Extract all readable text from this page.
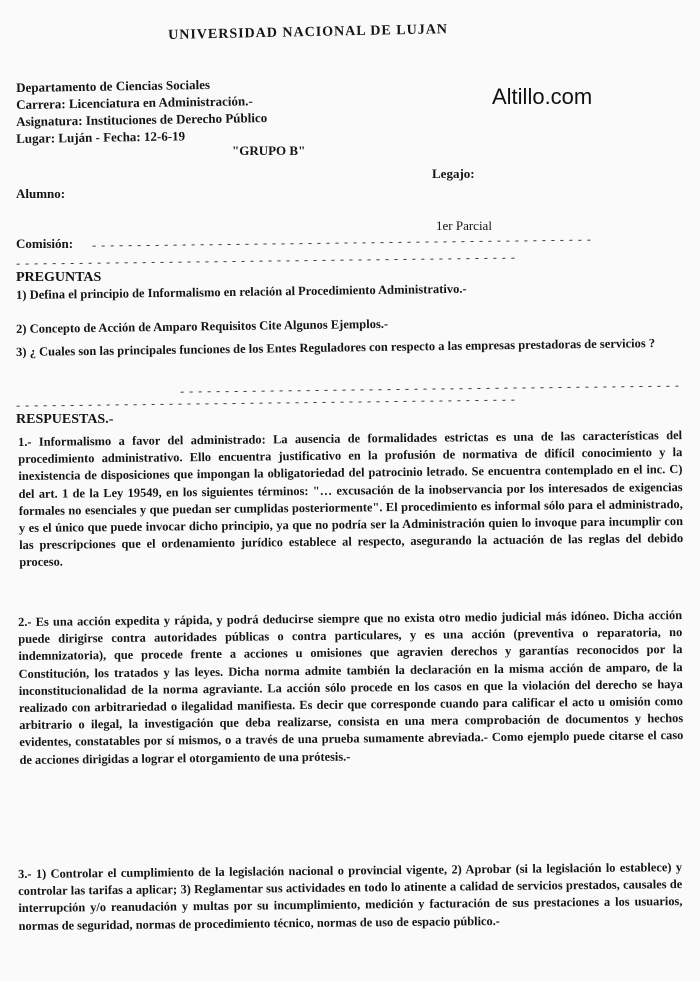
UNIVERSIDAD NACIONAL DE LUJAN
Altillo.com
Departamento de Ciencias Sociales
Carrera: Licenciatura en Administración.-
Asignatura: Instituciones de Derecho Público
Lugar: Luján - Fecha: 12-6-19
"GRUPO B"
Legajo:
Alumno:
1er Parcial
Comisión: - - - - - - - - - - - - - - - - - - - - - - - - - - - - - - - - - - - - - - - - - - - - - - - - - - - - - - - -
- - - - - - - - - - - - - - - - - - - - - - - - - - - - - - - - - - - - - - - - - - - - - - - - - - - - - - - -
PREGUNTAS
1) Defina el principio de Informalismo en relación al Procedimiento Administrativo.-
2) Concepto de Acción de Amparo Requisitos Cite Algunos Ejemplos.-
3) ¿ Cuales son las principales funciones de los Entes Reguladores con respecto a las empresas prestadoras de servicios ?
- - - - - - - - - - - - - - - - - - - - - - - - - - - - - - - - - - - - - - - - - - - - - - - - - - - - - - - -
- - - - - - - - - - - - - - - - - - - - - - - - - - - - - - - - - - - - - - - - - - - - - - - - - - - - - - - -
RESPUESTAS.-
1.- Informalismo a favor del administrado: La ausencia de formalidades estrictas es una de las características del procedimiento administrativo. Ello encuentra justificativo en la profusión de normativa de difícil conocimiento y la inexistencia de disposiciones que impongan la obligatoriedad del patrocinio letrado. Se encuentra contemplado en el inc. C) del art. 1 de la Ley 19549, en los siguientes términos: "… excusación de la inobservancia por los interesados de exigencias formales no esenciales y que puedan ser cumplidas posteriormente". El procedimiento es informal sólo para el administrado, y es el único que puede invocar dicho principio, ya que no podría ser la Administración quien lo invoque para incumplir con las prescripciones que el ordenamiento jurídico establece al respecto, asegurando la actuación de las reglas del debido proceso.
2.- Es una acción expedita y rápida, y podrá deducirse siempre que no exista otro medio judicial más idóneo. Dicha acción puede dirigirse contra autoridades públicas o contra particulares, y es una acción (preventiva o reparatoria, no indemnizatoria), que procede frente a acciones u omisiones que agravien derechos y garantías reconocidos por la Constitución, los tratados y las leyes. Dicha norma admite también la declaración en la misma acción de amparo, de la inconstitucionalidad de la norma agraviante. La acción sólo procede en los casos en que la violación del derecho se haya realizado con arbitrariedad o ilegalidad manifiesta. Es decir que corresponde cuando para calificar el acto u omisión como arbitrario o ilegal, la investigación que deba realizarse, consista en una mera comprobación de documentos y hechos evidentes, constatables por sí mismos, o a través de una prueba sumamente abreviada.- Como ejemplo puede citarse el caso de acciones dirigidas a lograr el otorgamiento de una prótesis.-
3.- 1) Controlar el cumplimiento de la legislación nacional o provincial vigente, 2) Aprobar (si la legislación lo establece) y controlar las tarifas a aplicar; 3) Reglamentar sus actividades en todo lo atinente a calidad de servicios prestados, causales de interrupción y/o reanudación y multas por su incumplimiento, medición y facturación de sus prestaciones a los usuarios, normas de seguridad, normas de procedimiento técnico, normas de uso de espacio público.-
